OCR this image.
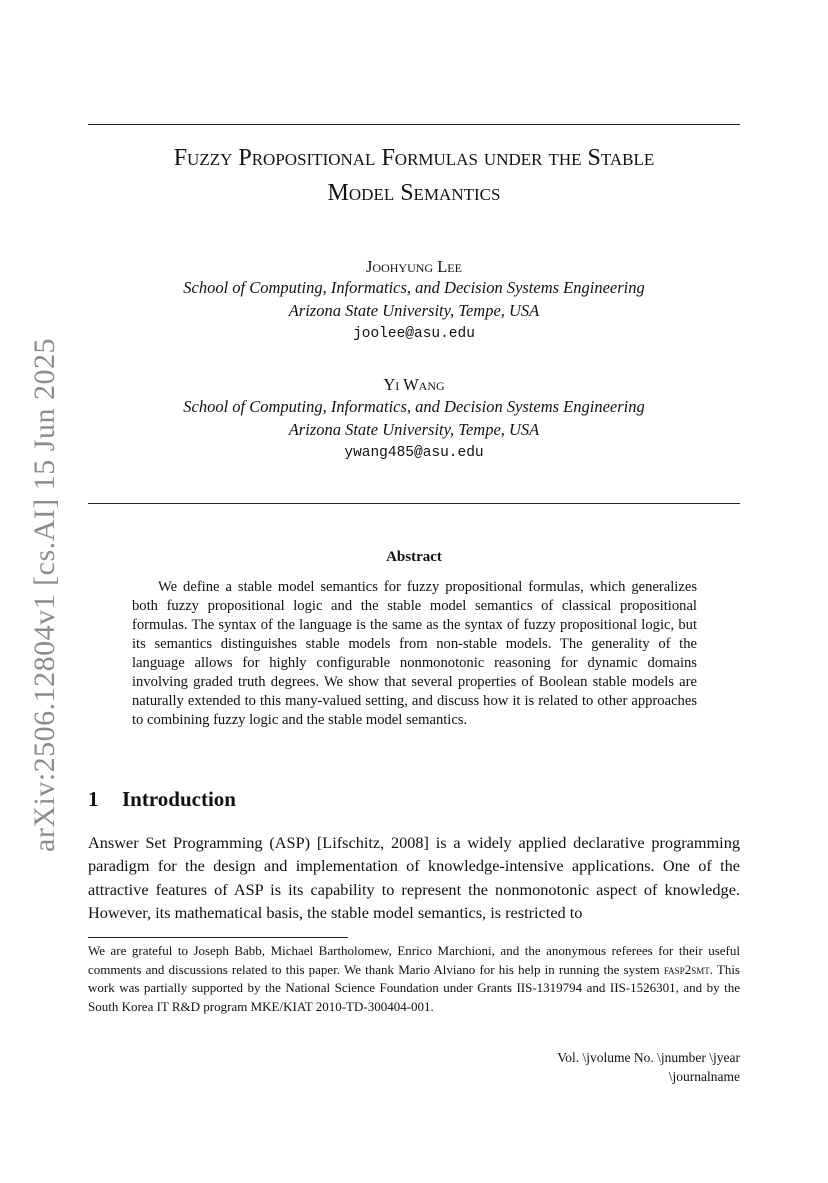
arXiv:2506.12804v1 [cs.AI] 15 Jun 2025
Fuzzy Propositional Formulas under the Stable
Model Semantics
Joohyung Lee
School of Computing, Informatics, and Decision Systems Engineering
Arizona State University, Tempe, USA
joolee@asu.edu
Yi Wang
School of Computing, Informatics, and Decision Systems Engineering
Arizona State University, Tempe, USA
ywang485@asu.edu
Abstract

We define a stable model semantics for fuzzy propositional formulas, which generalizes both fuzzy propositional logic and the stable model semantics of classical propositional formulas. The syntax of the language is the same as the syntax of fuzzy propositional logic, but its semantics distinguishes stable models from non-stable models. The generality of the language allows for highly configurable nonmonotonic reasoning for dynamic domains involving graded truth degrees. We show that several properties of Boolean stable models are naturally extended to this many-valued setting, and discuss how it is related to other approaches to combining fuzzy logic and the stable model semantics.

1 Introduction

Answer Set Programming (ASP) [Lifschitz, 2008] is a widely applied declarative programming paradigm for the design and implementation of knowledge-intensive applications. One of the attractive features of ASP is its capability to represent the nonmonotonic aspect of knowledge. However, its mathematical basis, the stable model semantics, is restricted to

We are grateful to Joseph Babb, Michael Bartholomew, Enrico Marchioni, and the anonymous referees for their useful comments and discussions related to this paper. We thank Mario Alviano for his help in running the system fasp2smt. This work was partially supported by the National Science Foundation under Grants IIS-1319794 and IIS-1526301, and by the South Korea IT R&D program MKE/KIAT 2010-TD-300404-001.

Vol. \jvolume No. \jnumber \jyear
\journalname
